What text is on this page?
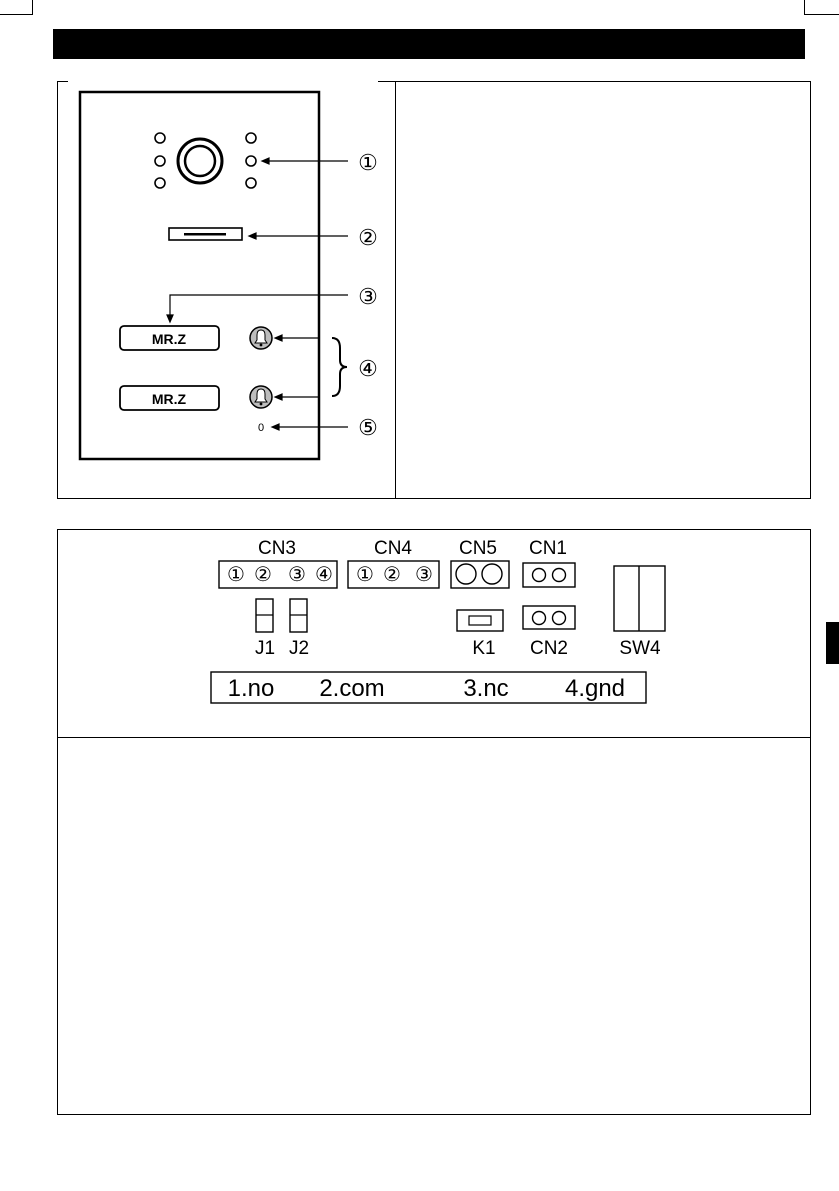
MR.Z
MR.Z
0
①
②
③
④
⑤
CN3
① ② ③ ④
CN4
① ② ③
CN5 CN1
SW4
J1 J2	K1 CN2
1.no 2.com	3.nc 4.gnd
